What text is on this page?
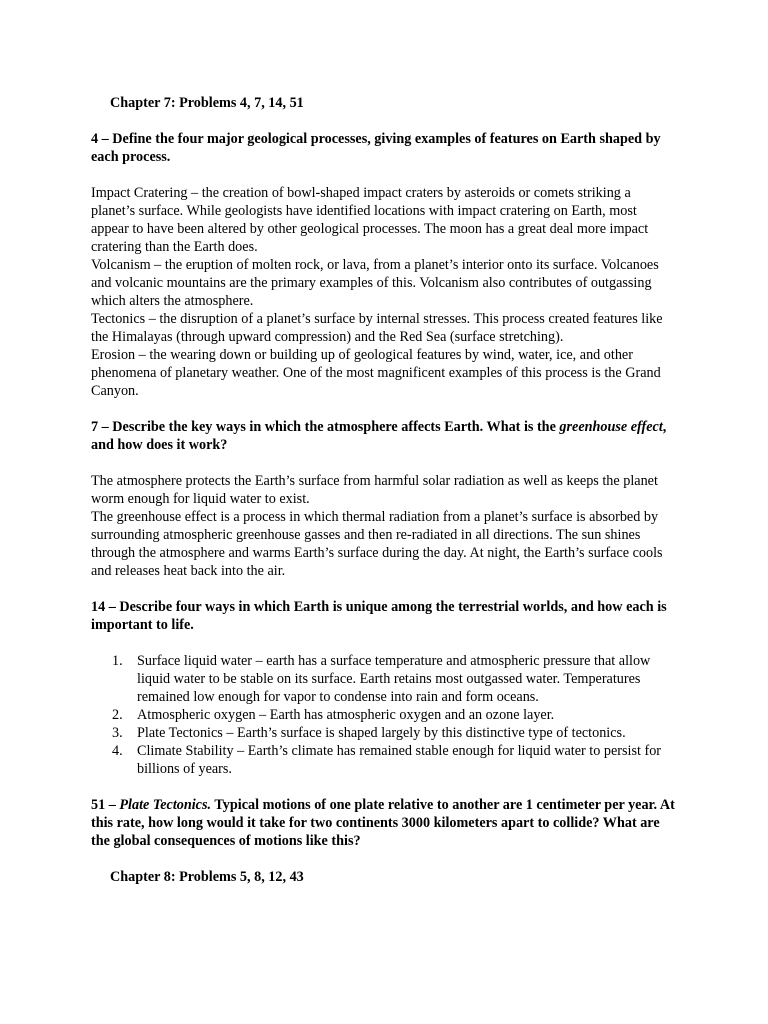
Chapter 7: Problems 4, 7, 14, 51

4 – Define the four major geological processes, giving examples of features on Earth shaped by each process.

Impact Cratering – the creation of bowl-shaped impact craters by asteroids or comets striking a planet’s surface. While geologists have identified locations with impact cratering on Earth, most appear to have been altered by other geological processes. The moon has a great deal more impact cratering than the Earth does.

Volcanism – the eruption of molten rock, or lava, from a planet’s interior onto its surface. Volcanoes and volcanic mountains are the primary examples of this. Volcanism also contributes of outgassing which alters the atmosphere.

Tectonics – the disruption of a planet’s surface by internal stresses. This process created features like the Himalayas (through upward compression) and the Red Sea (surface stretching).

Erosion – the wearing down or building up of geological features by wind, water, ice, and other phenomena of planetary weather. One of the most magnificent examples of this process is the Grand Canyon.

7 – Describe the key ways in which the atmosphere affects Earth. What is the greenhouse effect, and how does it work?

The atmosphere protects the Earth’s surface from harmful solar radiation as well as keeps the planet worm enough for liquid water to exist.

The greenhouse effect is a process in which thermal radiation from a planet’s surface is absorbed by surrounding atmospheric greenhouse gasses and then re-radiated in all directions. The sun shines through the atmosphere and warms Earth’s surface during the day. At night, the Earth’s surface cools and releases heat back into the air.

14 – Describe four ways in which Earth is unique among the terrestrial worlds, and how each is important to life.

1. Surface liquid water – earth has a surface temperature and atmospheric pressure that allow liquid water to be stable on its surface. Earth retains most outgassed water. Temperatures remained low enough for vapor to condense into rain and form oceans.
2. Atmospheric oxygen – Earth has atmospheric oxygen and an ozone layer.
3. Plate Tectonics – Earth’s surface is shaped largely by this distinctive type of tectonics.
4. Climate Stability – Earth’s climate has remained stable enough for liquid water to persist for billions of years.

51 – Plate Tectonics. Typical motions of one plate relative to another are 1 centimeter per year. At this rate, how long would it take for two continents 3000 kilometers apart to collide? What are the global consequences of motions like this?

Chapter 8: Problems 5, 8, 12, 43
